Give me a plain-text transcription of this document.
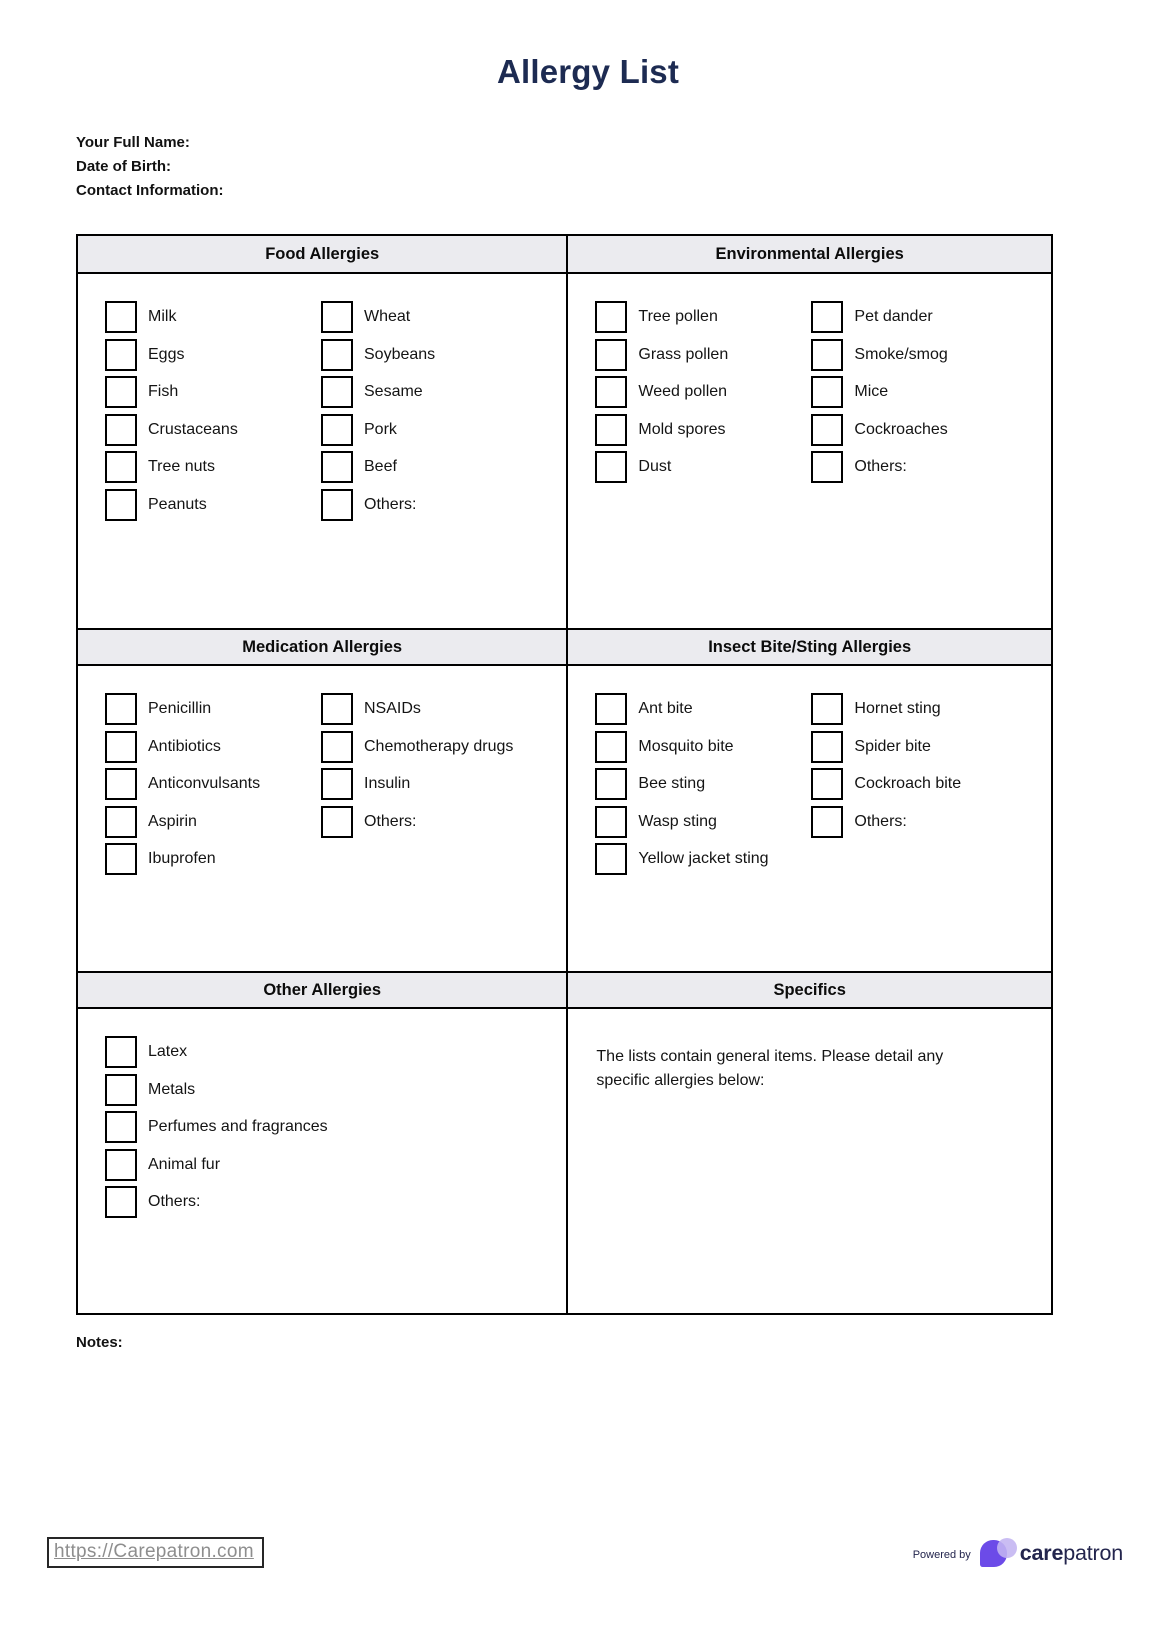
Allergy List
Your Full Name:
Date of Birth:
Contact Information:
Food Allergies	Environmental Allergies
Milk
Eggs
Fish
Crustaceans
Tree nuts
Peanuts
Wheat
Soybeans
Sesame
Pork
Beef
Others:
Tree pollen
Grass pollen
Weed pollen
Mold spores
Dust
Pet dander
Smoke/smog
Mice
Cockroaches
Others:
Medication Allergies	Insect Bite/Sting Allergies
Penicillin
Antibiotics
Anticonvulsants
Aspirin
Ibuprofen
NSAIDs
Chemotherapy drugs
Insulin
Others:
Ant bite
Mosquito bite
Bee sting
Wasp sting
Yellow jacket sting
Hornet sting
Spider bite
Cockroach bite
Others:
Other Allergies	Specifics
Latex
Metals
Perfumes and fragrances
Animal fur
Others:

The lists contain general items. Please detail any specific allergies below:

Notes:
https://Carepatron.com	Powered by carepatron
